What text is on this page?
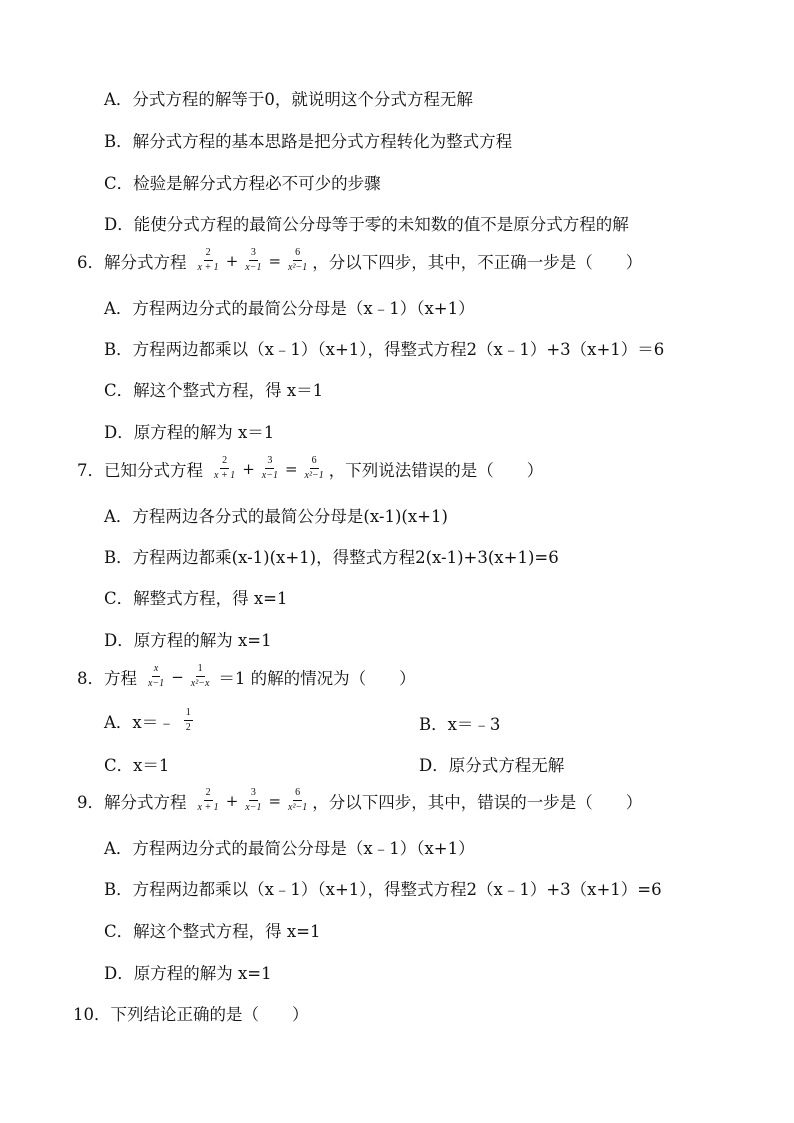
A．分式方程的解等于0，就说明这个分式方程无解
B．解分式方程的基本思路是把分式方程转化为整式方程
C．检验是解分式方程必不可少的步骤
D．能使分式方程的最简公分母等于零的未知数的值不是原分式方程的解
6．解分式方程 $\frac{2}{x + 1} + \frac{3}{x-1} = \frac{6}{\text{x²−1}}$ ，分以下四步，其中，不正确一步是（　　）
A．方程两边分式的最简公分母是（x﹣1）（x+1）
B．方程两边都乘以（x﹣1）（x+1），得整式方程2（x﹣1）+3（x+1）＝6
C．解这个整式方程，得 x＝1
D．原方程的解为 x＝1
7．已知分式方程 $\frac{2}{x + 1} + \frac{3}{x-1} = \frac{6}{\text{x²−1}}$ ，下列说法错误的是（　　）
A．方程两边各分式的最简公分母是(x-1)(x+1)
B．方程两边都乘(x-1)(x+1)，得整式方程2(x-1)+3(x+1)=6
C．解整式方程，得 x=1
D．原方程的解为 x=1
8．方程 $\frac{x}{x-1} - \frac{1}{\text{x²−x}} =1$ 的解的情况为（　　）
A．x＝﹣ $\frac{1}{2}$	B．x＝﹣3
C．x＝1	D．原分式方程无解
9．解分式方程 $\frac{2}{x + 1} + \frac{3}{x-1} = \frac{6}{\text{x²−1}}$ ，分以下四步，其中，错误的一步是（　　）
A．方程两边分式的最简公分母是（x﹣1）（x+1）
B．方程两边都乘以（x﹣1）（x+1），得整式方程2（x﹣1）+3（x+1）=6
C．解这个整式方程，得 x=1
D．原方程的解为 x=1
10．下列结论正确的是（　　）
